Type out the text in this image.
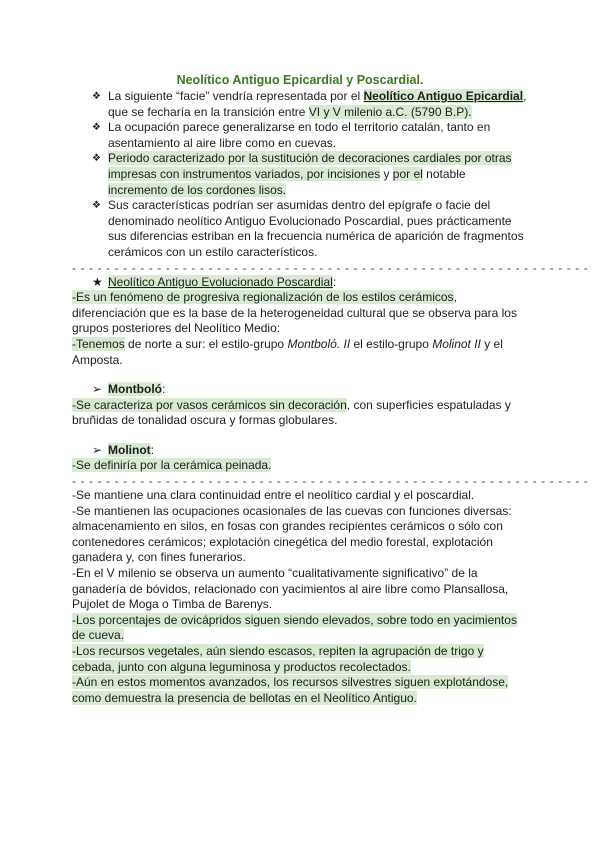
Neolítico Antiguo Epicardial y Poscardial.
❖ La siguiente “facie” vendría representada por el Neolítico Antiguo Epicardial, que se fecharía en la transición entre VI y V milenio a.C. (5790 B.P).
❖ La ocupación parece generalizarse en todo el territorio catalán, tanto en asentamiento al aire libre como en cuevas.
❖ Periodo caracterizado por la sustitución de decoraciones cardiales por otras impresas con instrumentos variados, por incisiones y por el notable incremento de los cordones lisos.
❖ Sus características podrían ser asumidas dentro del epígrafe o facie del denominado neolítico Antiguo Evolucionado Poscardial, pues prácticamente sus diferencias estriban en la frecuencia numérica de aparición de fragmentos cerámicos con un estilo característicos.
- - - - - - - - - - - - - - - - - - - - - - - - - - - - - - - - - - - - - - - - - - - - - - - - - - - - - - - - - - - - -
★ Neolítico Antiguo Evolucionado Poscardial:

-Es un fenómeno de progresiva regionalización de los estilos cerámicos, diferenciación que es la base de la heterogeneidad cultural que se observa para los grupos posteriores del Neolítico Medio:

-Tenemos de norte a sur: el estilo-grupo Montboló. II el estilo-grupo Molinot II y el Amposta.

➢ Montboló:

-Se caracteriza por vasos cerámicos sin decoración, con superficies espatuladas y bruñidas de tonalidad oscura y formas globulares.

➢ Molinot:

-Se definiría por la cerámica peinada.

- - - - - - - - - - - - - - - - - - - - - - - - - - - - - - - - - - - - - - - - - - - - - - - - - - - - - - - - - - - - -

-Se mantiene una clara continuidad entre el neolítico cardial y el poscardial.

-Se mantienen las ocupaciones ocasionales de las cuevas con funciones diversas: almacenamiento en silos, en fosas con grandes recipientes cerámicos o sólo con contenedores cerámicos; explotación cinegética del medio forestal, explotación ganadera y, con fines funerarios.

-En el V milenio se observa un aumento “cualitativamente significativo” de la ganadería de bóvidos, relacionado con yacimientos al aire libre como Plansallosa, Pujolet de Moga o Timba de Barenys.

-Los porcentajes de ovicápridos siguen siendo elevados, sobre todo en yacimientos de cueva.

-Los recursos vegetales, aún siendo escasos, repiten la agrupación de trigo y cebada, junto con alguna leguminosa y productos recolectados.

-Aún en estos momentos avanzados, los recursos silvestres siguen explotándose, como demuestra la presencia de bellotas en el Neolítico Antiguo.
